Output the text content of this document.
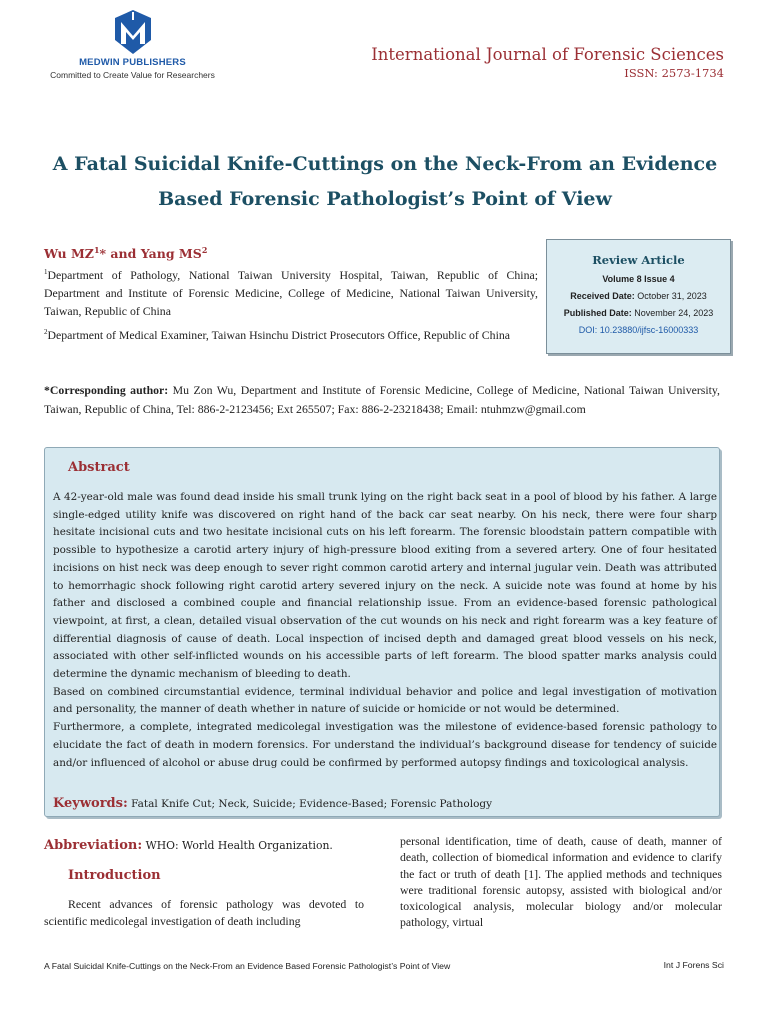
MEDWIN PUBLISHERS
Committed to Create Value for Researchers
International Journal of Forensic Sciences
ISSN: 2573-1734
A Fatal Suicidal Knife-Cuttings on the Neck-From an Evidence
Based Forensic Pathologist’s Point of View
Wu $MZ^1*$ and Yang $MS^2$
$^1$Department of Pathology, National Taiwan University Hospital, Taiwan, Republic of China; Department and Institute of Forensic Medicine, College of Medicine, National Taiwan University, Taiwan, Republic of China
$^2$Department of Medical Examiner, Taiwan Hsinchu District Prosecutors Office, Republic of China
Review Article
Volume 8 Issue 4
Received Date: October 31, 2023
Published Date: November 24, 2023
DOI: 10.23880/ijfsc-16000333
*Corresponding author: Mu Zon Wu, Department and Institute of Forensic Medicine, College of Medicine, National Taiwan University, Taiwan, Republic of China, Tel: 886-2-2123456; Ext 265507; Fax: 886-2-23218438; Email: ntuhmzw@gmail.com
Abstract

A 42-year-old male was found dead inside his small trunk lying on the right back seat in a pool of blood by his father. A large single-edged utility knife was discovered on right hand of the back car seat nearby. On his neck, there were four sharp hesitate incisional cuts and two hesitate incisional cuts on his left forearm. The forensic bloodstain pattern compatible with possible to hypothesize a carotid artery injury of high-pressure blood exiting from a severed artery. One of four hesitated incisions on hist neck was deep enough to sever right common carotid artery and internal jugular vein. Death was attributed to hemorrhagic shock following right carotid artery severed injury on the neck. A suicide note was found at home by his father and disclosed a combined couple and financial relationship issue. From an evidence-based forensic pathological viewpoint, at first, a clean, detailed visual observation of the cut wounds on his neck and right forearm was a key feature of differential diagnosis of cause of death. Local inspection of incised depth and damaged great blood vessels on his neck, associated with other self-inflicted wounds on his accessible parts of left forearm. The blood spatter marks analysis could determine the dynamic mechanism of bleeding to death.

Based on combined circumstantial evidence, terminal individual behavior and police and legal investigation of motivation and personality, the manner of death whether in nature of suicide or homicide or not would be determined.

Furthermore, a complete, integrated medicolegal investigation was the milestone of evidence-based forensic pathology to elucidate the fact of death in modern forensics. For understand the individual’s background disease for tendency of suicide and/or influenced of alcohol or abuse drug could be confirmed by performed autopsy findings and toxicological analysis.

Keywords: Fatal Knife Cut; Neck, Suicide; Evidence-Based; Forensic Pathology
Abbreviation: WHO: World Health Organization.
Introduction
Recent advances of forensic pathology was devoted to scientific medicolegal investigation of death including
personal identification, time of death, cause of death, manner of death, collection of biomedical information and evidence to clarify the fact or truth of death [1]. The applied methods and techniques were traditional forensic autopsy, assisted with biological and/or toxicological analysis, molecular biology and/or molecular pathology, virtual
A Fatal Suicidal Knife-Cuttings on the Neck-From an Evidence Based Forensic Pathologist’s Point of View	Int J Forens Sci
